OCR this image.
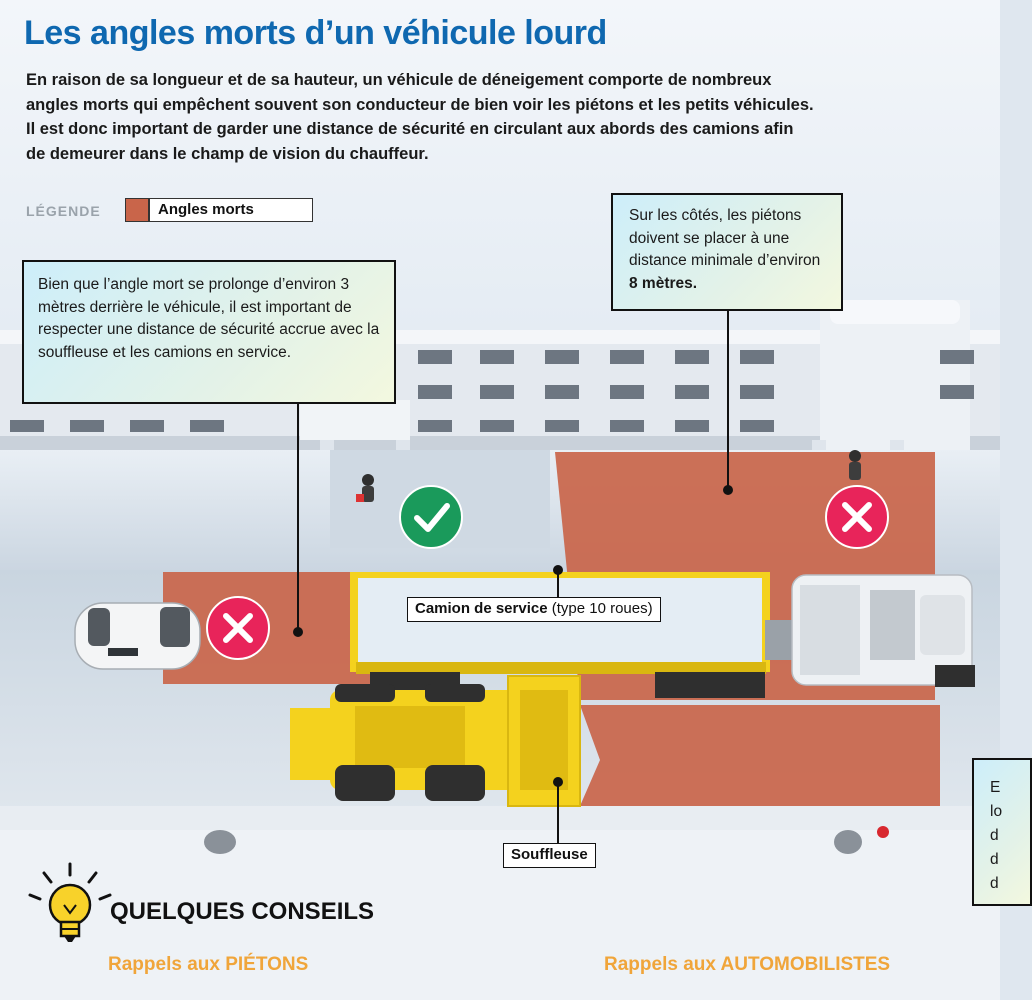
Les angles morts d’un véhicule lourd

En raison de sa longueur et de sa hauteur, un véhicule de déneigement comporte de nombreux angles morts qui empêchent souvent son conducteur de bien voir les piétons et les petits véhicules. Il est donc important de garder une distance de sécurité en circulant aux abords des camions afin de demeurer dans le champ de vision du chauffeur.

LÉGENDE	Angles morts
Bien que l’angle mort se prolonge d’environ 3 mètres derrière le véhicule, il est important de respecter une distance de sécurité accrue avec la souffleuse et les camions en service.
Sur les côtés, les piétons doivent se placer à une distance minimale d’environ 8 mètres.
E
lo
d
d
d
Camion de service (type 10 roues)
Souffleuse
QUELQUES CONSEILS
Rappels aux PIÉTONS	Rappels aux AUTOMOBILISTES
